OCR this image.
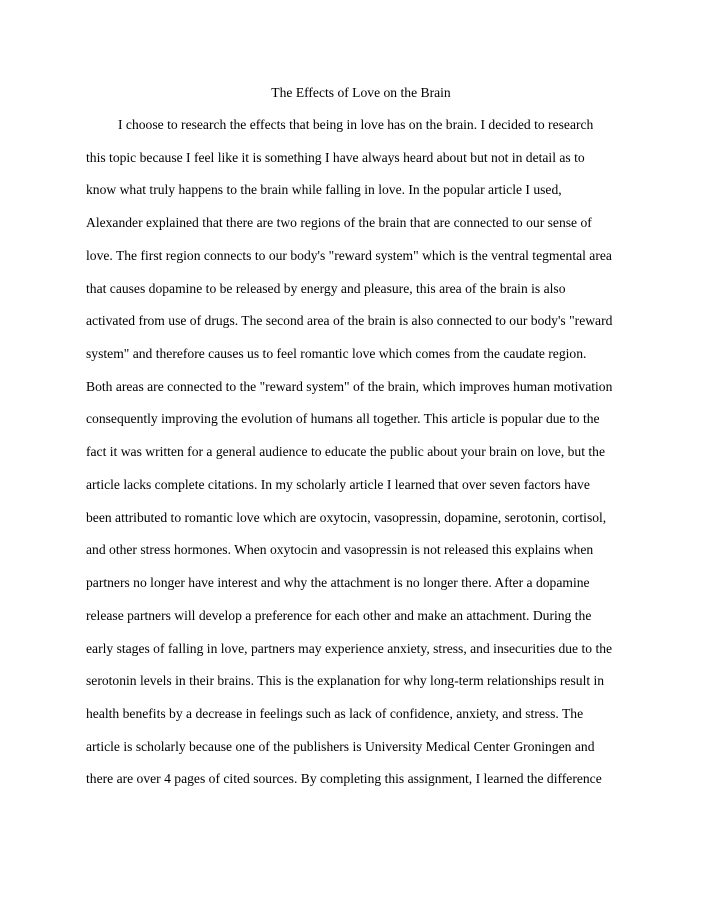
The Effects of Love on the Brain
I choose to research the effects that being in love has on the brain. I decided to research
this topic because I feel like it is something I have always heard about but not in detail as to
know what truly happens to the brain while falling in love. In the popular article I used,
Alexander explained that there are two regions of the brain that are connected to our sense of
love. The first region connects to our body's "reward system" which is the ventral tegmental area
that causes dopamine to be released by energy and pleasure, this area of the brain is also
activated from use of drugs. The second area of the brain is also connected to our body's "reward
system" and therefore causes us to feel romantic love which comes from the caudate region.
Both areas are connected to the "reward system" of the brain, which improves human motivation
consequently improving the evolution of humans all together. This article is popular due to the
fact it was written for a general audience to educate the public about your brain on love, but the
article lacks complete citations. In my scholarly article I learned that over seven factors have
been attributed to romantic love which are oxytocin, vasopressin, dopamine, serotonin, cortisol,
and other stress hormones. When oxytocin and vasopressin is not released this explains when
partners no longer have interest and why the attachment is no longer there. After a dopamine
release partners will develop a preference for each other and make an attachment. During the
early stages of falling in love, partners may experience anxiety, stress, and insecurities due to the
serotonin levels in their brains. This is the explanation for why long-term relationships result in
health benefits by a decrease in feelings such as lack of confidence, anxiety, and stress. The
article is scholarly because one of the publishers is University Medical Center Groningen and
there are over 4 pages of cited sources. By completing this assignment, I learned the difference
